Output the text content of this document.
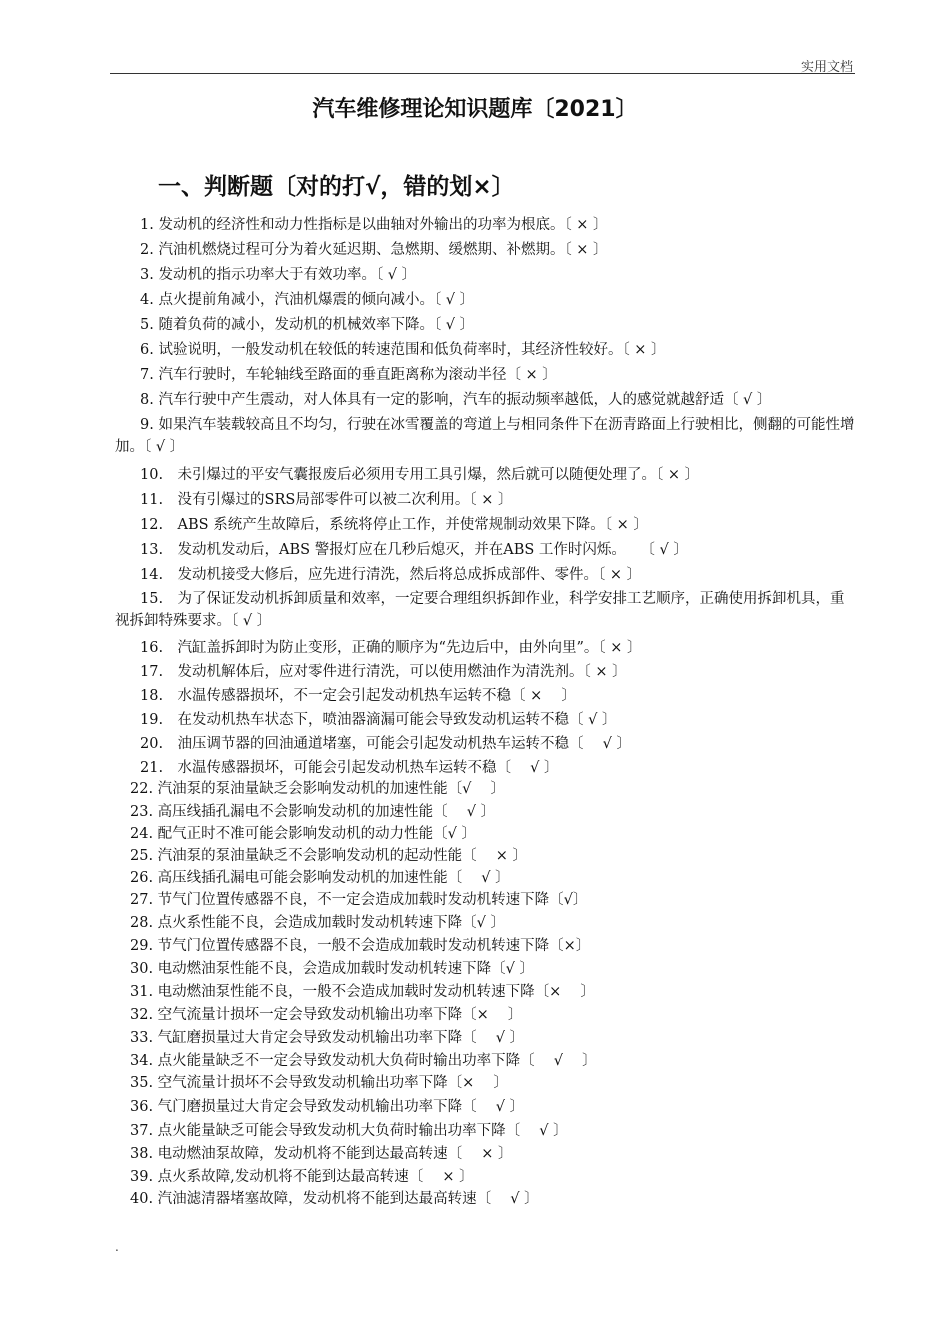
实用文档
汽车维修理论知识题库〔2021〕
一、判断题〔对的打√，错的划×〕
1. 发动机的经济性和动力性指标是以曲轴对外输出的功率为根底。〔 × 〕
2. 汽油机燃烧过程可分为着火延迟期、急燃期、缓燃期、补燃期。〔 × 〕
3. 发动机的指示功率大于有效功率。〔 √ 〕
4. 点火提前角减小，汽油机爆震的倾向减小。〔 √ 〕
5. 随着负荷的减小，发动机的机械效率下降。〔 √ 〕
6. 试验说明，一般发动机在较低的转速范围和低负荷率时，其经济性较好。〔 × 〕
7. 汽车行驶时，车轮轴线至路面的垂直距离称为滚动半径〔 × 〕
8. 汽车行驶中产生震动，对人体具有一定的影响，汽车的振动频率越低，人的感觉就越舒适〔 √ 〕
9. 如果汽车装载较高且不均匀，行驶在冰雪覆盖的弯道上与相同条件下在沥青路面上行驶相比，侧翻的可能性增加。〔 √ 〕
10.　未引爆过的平安气囊报废后必须用专用工具引爆，然后就可以随便处理了。〔 × 〕
11.　没有引爆过的SRS局部零件可以被二次利用。〔 × 〕
12.　ABS 系统产生故障后，系统将停止工作，并使常规制动效果下降。〔 × 〕
13.　发动机发动后，ABS 警报灯应在几秒后熄灭，并在ABS 工作时闪烁。　　〔 √ 〕
14.　发动机接受大修后，应先进行清洗，然后将总成拆成部件、零件。〔 × 〕
15.　为了保证发动机拆卸质量和效率，一定要合理组织拆卸作业，科学安排工艺顺序，正确使用拆卸机具，重视拆卸特殊要求。〔 √ 〕
16.　汽缸盖拆卸时为防止变形，正确的顺序为“先边后中，由外向里”。〔 × 〕
17.　发动机解体后，应对零件进行清洗，可以使用燃油作为清洗剂。〔 × 〕
18.　水温传感器损坏，不一定会引起发动机热车运转不稳〔 × 　〕
19.　在发动机热车状态下，喷油器滴漏可能会导致发动机运转不稳〔 √ 〕
20.　油压调节器的回油通道堵塞，可能会引起发动机热车运转不稳〔 　√ 〕
21.　水温传感器损坏，可能会引起发动机热车运转不稳〔 　√ 〕
22. 汽油泵的泵油量缺乏会影响发动机的加速性能〔√ 　〕
23. 高压线插孔漏电不会影响发动机的加速性能〔 　√ 〕
24. 配气正时不准可能会影响发动机的动力性能〔√ 〕
25. 汽油泵的泵油量缺乏不会影响发动机的起动性能〔 　× 〕
26. 高压线插孔漏电可能会影响发动机的加速性能〔 　√ 〕
27. 节气门位置传感器不良，不一定会造成加载时发动机转速下降〔√〕
28. 点火系性能不良，会造成加载时发动机转速下降〔√ 〕
29. 节气门位置传感器不良，一般不会造成加载时发动机转速下降〔×〕
30. 电动燃油泵性能不良，会造成加载时发动机转速下降〔√ 〕
31. 电动燃油泵性能不良，一般不会造成加载时发动机转速下降〔× 　〕
32. 空气流量计损坏一定会导致发动机输出功率下降〔× 　〕
33. 气缸磨损量过大肯定会导致发动机输出功率下降〔 　√ 〕
34. 点火能量缺乏不一定会导致发动机大负荷时输出功率下降〔 　√ 　〕
35. 空气流量计损坏不会导致发动机输出功率下降〔× 　〕
36. 气门磨损量过大肯定会导致发动机输出功率下降〔 　√ 〕
37. 点火能量缺乏可能会导致发动机大负荷时输出功率下降〔 　√ 〕
38. 电动燃油泵故障，发动机将不能到达最高转速〔 　× 〕
39. 点火系故障,发动机将不能到达最高转速〔 　× 〕
40. 汽油滤清器堵塞故障，发动机将不能到达最高转速〔 　√ 〕
.
